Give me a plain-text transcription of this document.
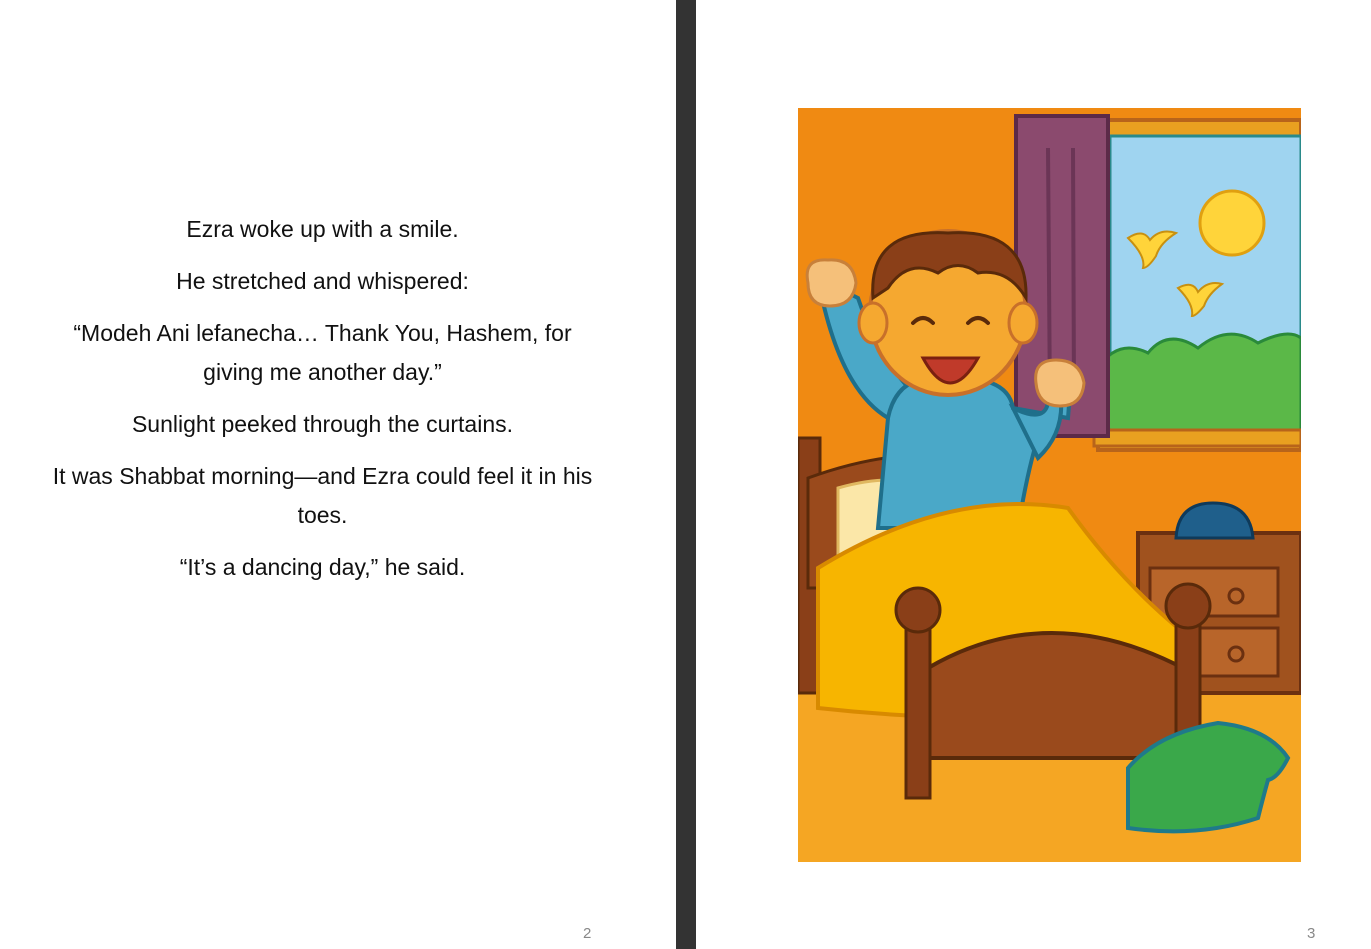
Ezra woke up with a smile.

He stretched and whispered:

“Modeh Ani lefanecha… Thank You, Hashem, for giving me another day.”

Sunlight peeked through the curtains.

It was Shabbat morning—and Ezra could feel it in his toes.

“It’s a dancing day,” he said.

2	3
